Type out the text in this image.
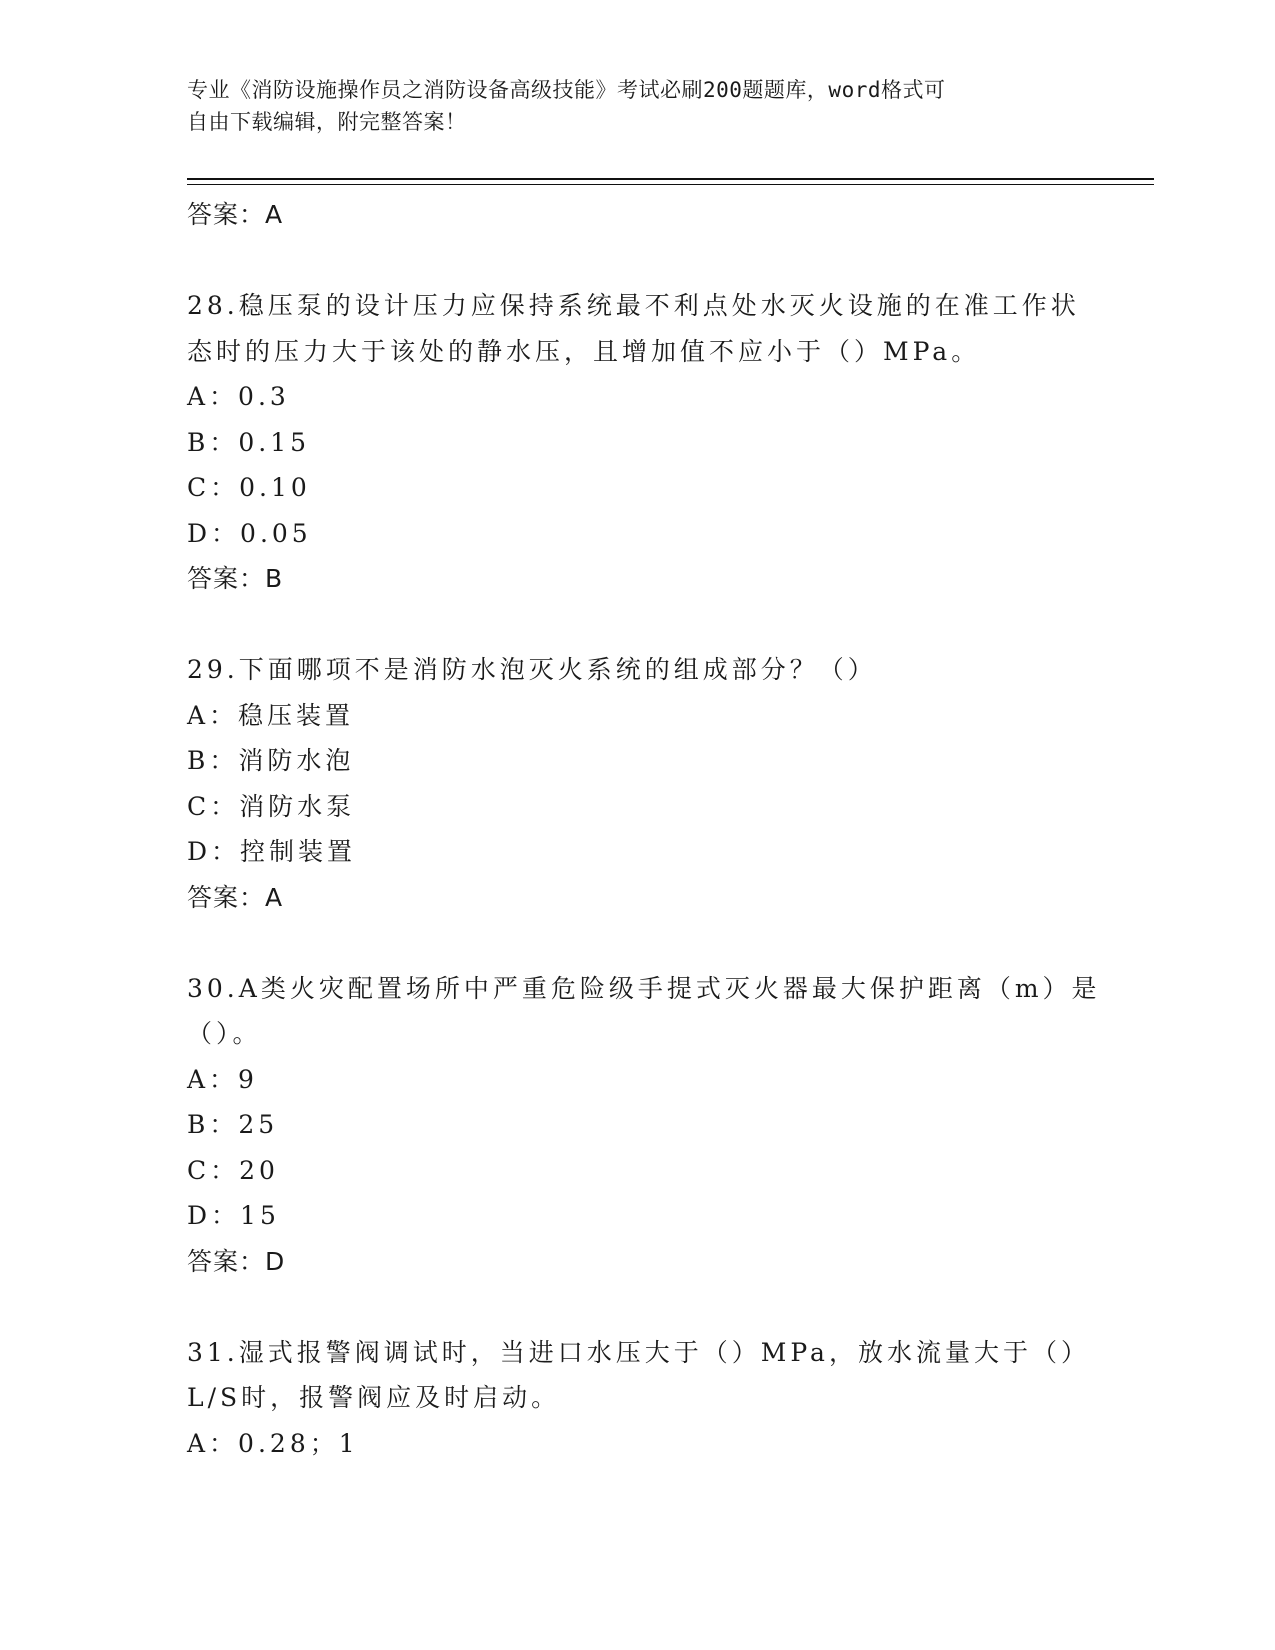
专业《消防设施操作员之消防设备高级技能》考试必刷200题题库，word格式可
自由下载编辑，附完整答案！
答案：A
28.稳压泵的设计压力应保持系统最不利点处水灭火设施的在准工作状
态时的压力大于该处的静水压，且增加值不应小于（）MPa。
A：0.3
B：0.15
C：0.10
D：0.05
答案：B
29.下面哪项不是消防水泡灭火系统的组成部分？（）
A：稳压装置
B：消防水泡
C：消防水泵
D：控制装置
答案：A
30.A类火灾配置场所中严重危险级手提式灭火器最大保护距离（m）是
（）。
A：9
B：25
C：20
D：15
答案：D
31.湿式报警阀调试时，当进口水压大于（）MPa，放水流量大于（）
L/S时，报警阀应及时启动。
A：0.28；1
